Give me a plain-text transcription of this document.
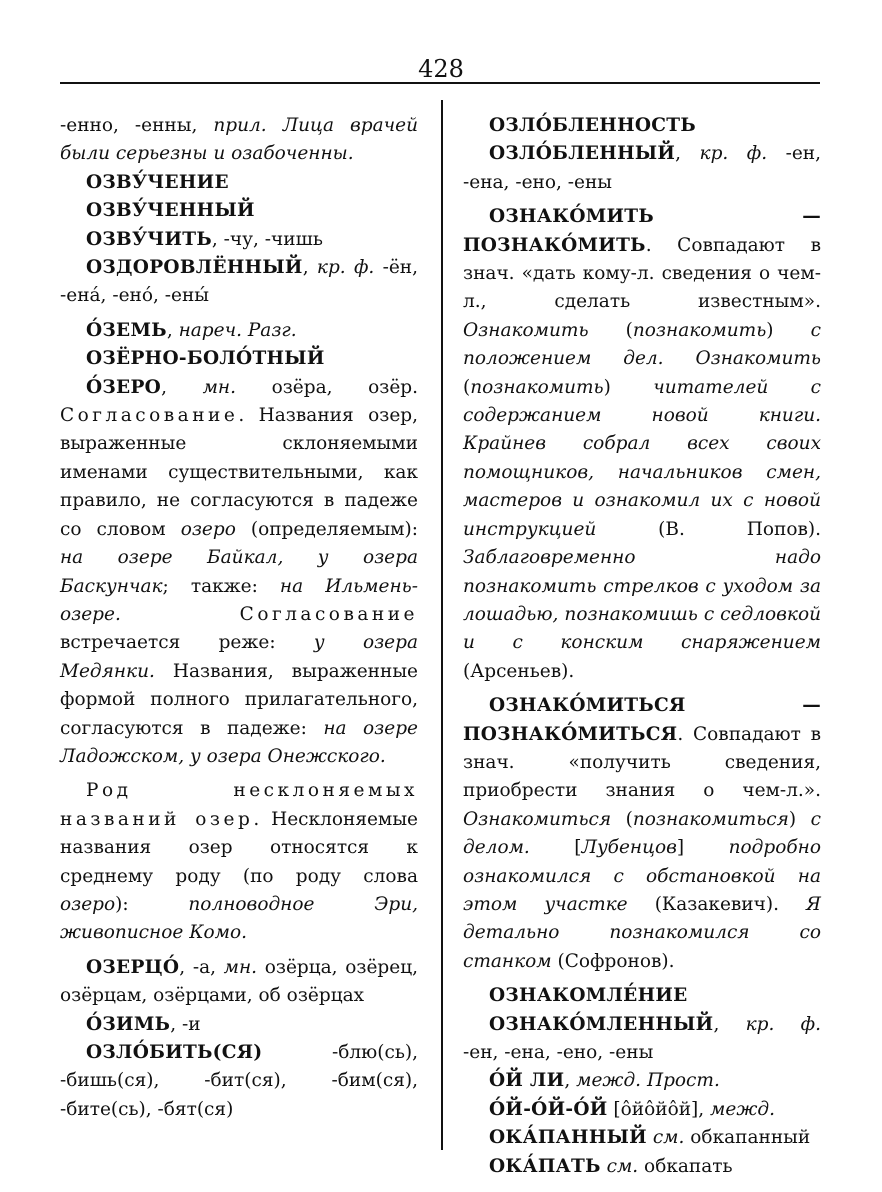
428

-енно, -енны, прил. Лица врачей были серьезны и озабоченны.

ОЗВУ́ЧЕНИЕ

ОЗВУ́ЧЕННЫЙ

ОЗВУ́ЧИТЬ, -чу, -чишь

ОЗДОРОВЛЁННЫЙ, кр. ф. -ён, -ена́, -ено́, -ены́

О́ЗЕМЬ, нареч. Разг.

ОЗЁРНО-БОЛО́ТНЫЙ

О́ЗЕРО, мн. озёра, озёр. Согласование. Названия озер, выраженные склоняемыми именами существительными, как правило, не согласуются в падеже со словом озеро (определяемым): на озере Байкал, у озера Баскунчак; также: на Ильмень-озере.	Согласование встречается реже: у озера Медянки. Названия, выраженные формой полного прилагательного, согласуются в падеже: на озере Ладожском, у озера Онежского.

Род несклоняемых названий озер. Несклоняемые названия озер относятся к среднему роду (по роду слова озеро): полноводное Эри, живописное Комо.

ОЗЕРЦО́, -а, мн. озёрца, озёрец, озёрцам, озёрцами, об озёрцах

О́ЗИМЬ, -и

ОЗЛО́БИТЬ(СЯ) -блю(сь), -бишь(ся), -бит(ся), -бим(ся), -бите(сь), -бят(ся)

ОЗЛО́БЛЕННОСТЬ

ОЗЛО́БЛЕННЫЙ, кр. ф. -ен, -ена, -ено, -ены

ОЗНАКО́МИТЬ — ПОЗНАКО́МИТЬ. Совпадают в знач. «дать кому-л. сведения о чем-л., сделать известным». Ознакомить (познакомить) с положением дел. Ознакомить (познакомить) читателей с содержанием новой книги. Крайнев собрал всех своих помощников, начальников смен, мастеров и ознакомил их с новой инструкцией (В. Попов). Заблаговременно надо познакомить стрелков с уходом за лошадью, познакомишь с седловкой и с конским снаряжением (Арсеньев).

ОЗНАКО́МИТЬСЯ — ПОЗНАКО́МИТЬСЯ. Совпадают в знач. «получить сведения, приобрести знания о чем-л.». Ознакомиться (познакомиться) с делом. [Лубенцов] подробно ознакомился с обстановкой на этом участке (Казакевич). Я детально познакомился со станком (Софронов).

ОЗНАКОМЛЕ́НИЕ

ОЗНАКО́МЛЕННЫЙ, кр. ф. -ен, -ена, -ено, -ены

О́Й ЛИ, межд. Прост.

О́Й-О́Й-О́Й [о̂йо̂йо̂й], межд.

ОКА́ПАННЫЙ см. обкапанный

ОКА́ПАТЬ см. обкапать
